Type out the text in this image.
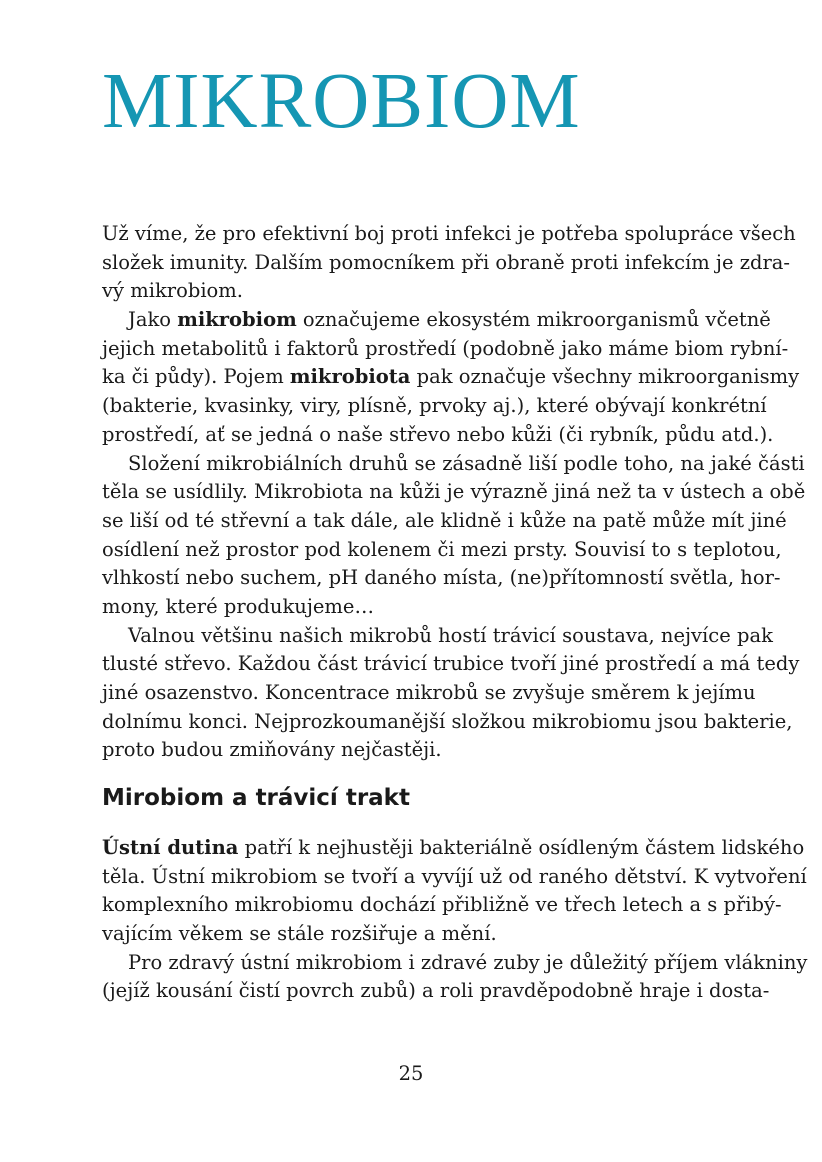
MIKROBIOM
Už víme, že pro efektivní boj proti infekci je potřeba spolupráce všech
složek imunity. Dalším pomocníkem při obraně proti infekcím je zdra-
vý mikrobiom.
Jako mikrobiom označujeme ekosystém mikroorganismů včetně
jejich metabolitů i faktorů prostředí (podobně jako máme biom rybní-
ka či půdy). Pojem mikrobiota pak označuje všechny mikroorganismy
(bakterie, kvasinky, viry, plísně, prvoky aj.), které obývají konkrétní
prostředí, ať se jedná o naše střevo nebo kůži (či rybník, půdu atd.).
Složení mikrobiálních druhů se zásadně liší podle toho, na jaké části
těla se usídlily. Mikrobiota na kůži je výrazně jiná než ta v ústech a obě
se liší od té střevní a tak dále, ale klidně i kůže na patě může mít jiné
osídlení než prostor pod kolenem či mezi prsty. Souvisí to s teplotou,
vlhkostí nebo suchem, pH daného místa, (ne)přítomností světla, hor-
mony, které produkujeme…
Valnou většinu našich mikrobů hostí trávicí soustava, nejvíce pak
tlusté střevo. Každou část trávicí trubice tvoří jiné prostředí a má tedy
jiné osazenstvo. Koncentrace mikrobů se zvyšuje směrem k jejímu
dolnímu konci. Nejprozkoumanější složkou mikrobiomu jsou bakterie,
proto budou zmiňovány nejčastěji.
Mirobiom a trávicí trakt
Ústní dutina patří k nejhustěji bakteriálně osídleným částem lidského
těla. Ústní mikrobiom se tvoří a vyvíjí už od raného dětství. K vytvoření
komplexního mikrobiomu dochází přibližně ve třech letech a s přibý-
vajícím věkem se stále rozšiřuje a mění.
Pro zdravý ústní mikrobiom i zdravé zuby je důležitý příjem vlákniny
(jejíž kousání čistí povrch zubů) a roli pravděpodobně hraje i dosta-
25
